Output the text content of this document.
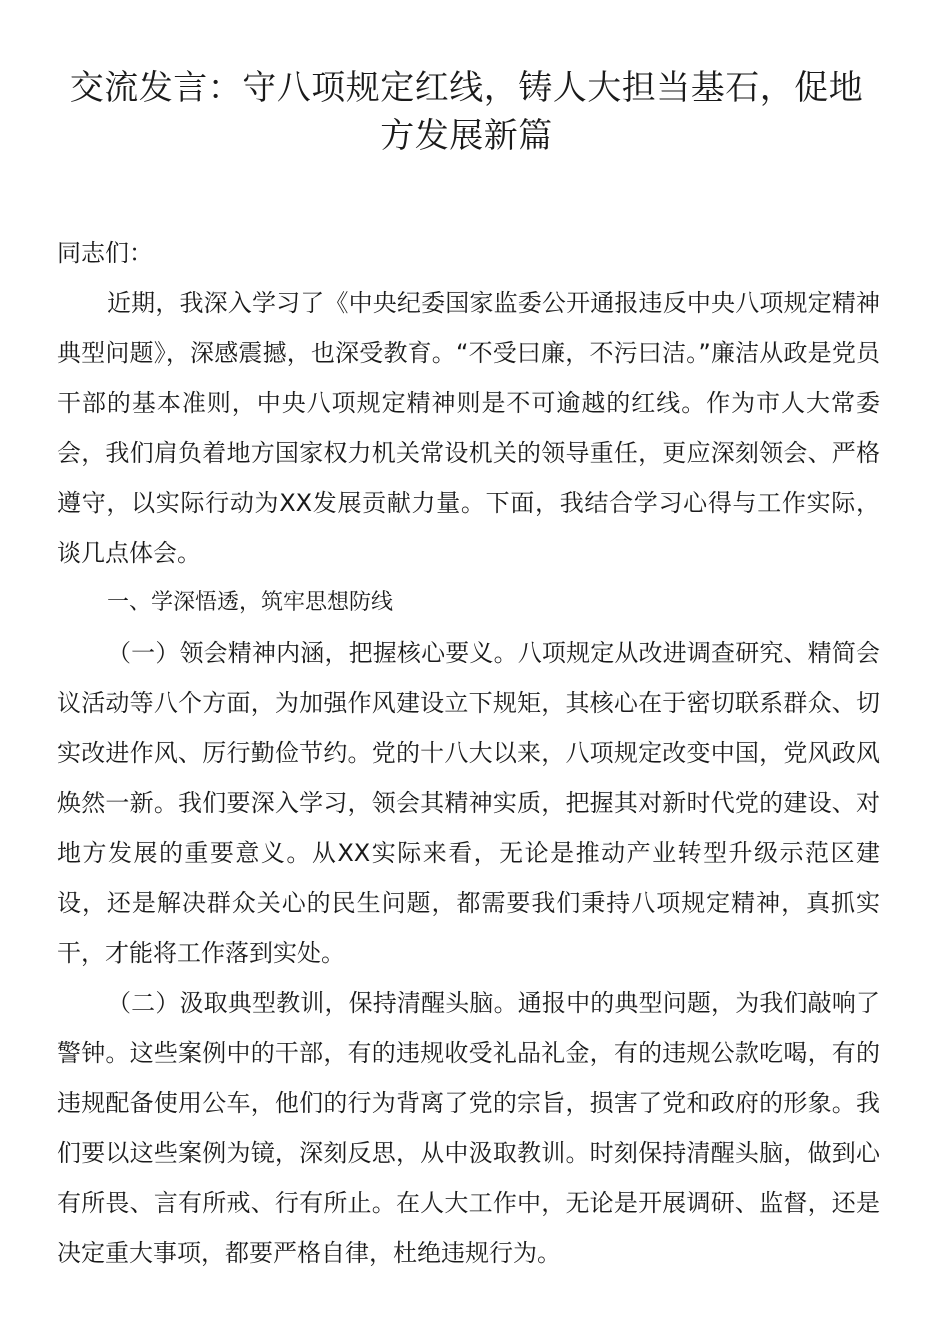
交流发言：守八项规定红线，铸人大担当基石，促地方发展新篇

同志们：

近期，我深入学习了《中央纪委国家监委公开通报违反中央八项规定精神典型问题》，深感震撼，也深受教育。“不受曰廉，不污曰洁。”廉洁从政是党员干部的基本准则，中央八项规定精神则是不可逾越的红线。作为市人大常委会，我们肩负着地方国家权力机关常设机关的领导重任，更应深刻领会、严格遵守，以实际行动为XX发展贡献力量。下面，我结合学习心得与工作实际，谈几点体会。

一、学深悟透，筑牢思想防线

（一）领会精神内涵，把握核心要义。八项规定从改进调查研究、精简会议活动等八个方面，为加强作风建设立下规矩，其核心在于密切联系群众、切实改进作风、厉行勤俭节约。党的十八大以来，八项规定改变中国，党风政风焕然一新。我们要深入学习，领会其精神实质，把握其对新时代党的建设、对地方发展的重要意义。从XX实际来看，无论是推动产业转型升级示范区建设，还是解决群众关心的民生问题，都需要我们秉持八项规定精神，真抓实干，才能将工作落到实处。

（二）汲取典型教训，保持清醒头脑。通报中的典型问题，为我们敲响了警钟。这些案例中的干部，有的违规收受礼品礼金，有的违规公款吃喝，有的违规配备使用公车，他们的行为背离了党的宗旨，损害了党和政府的形象。我们要以这些案例为镜，深刻反思，从中汲取教训。时刻保持清醒头脑，做到心有所畏、言有所戒、行有所止。在人大工作中，无论是开展调研、监督，还是决定重大事项，都要严格自律，杜绝违规行为。
